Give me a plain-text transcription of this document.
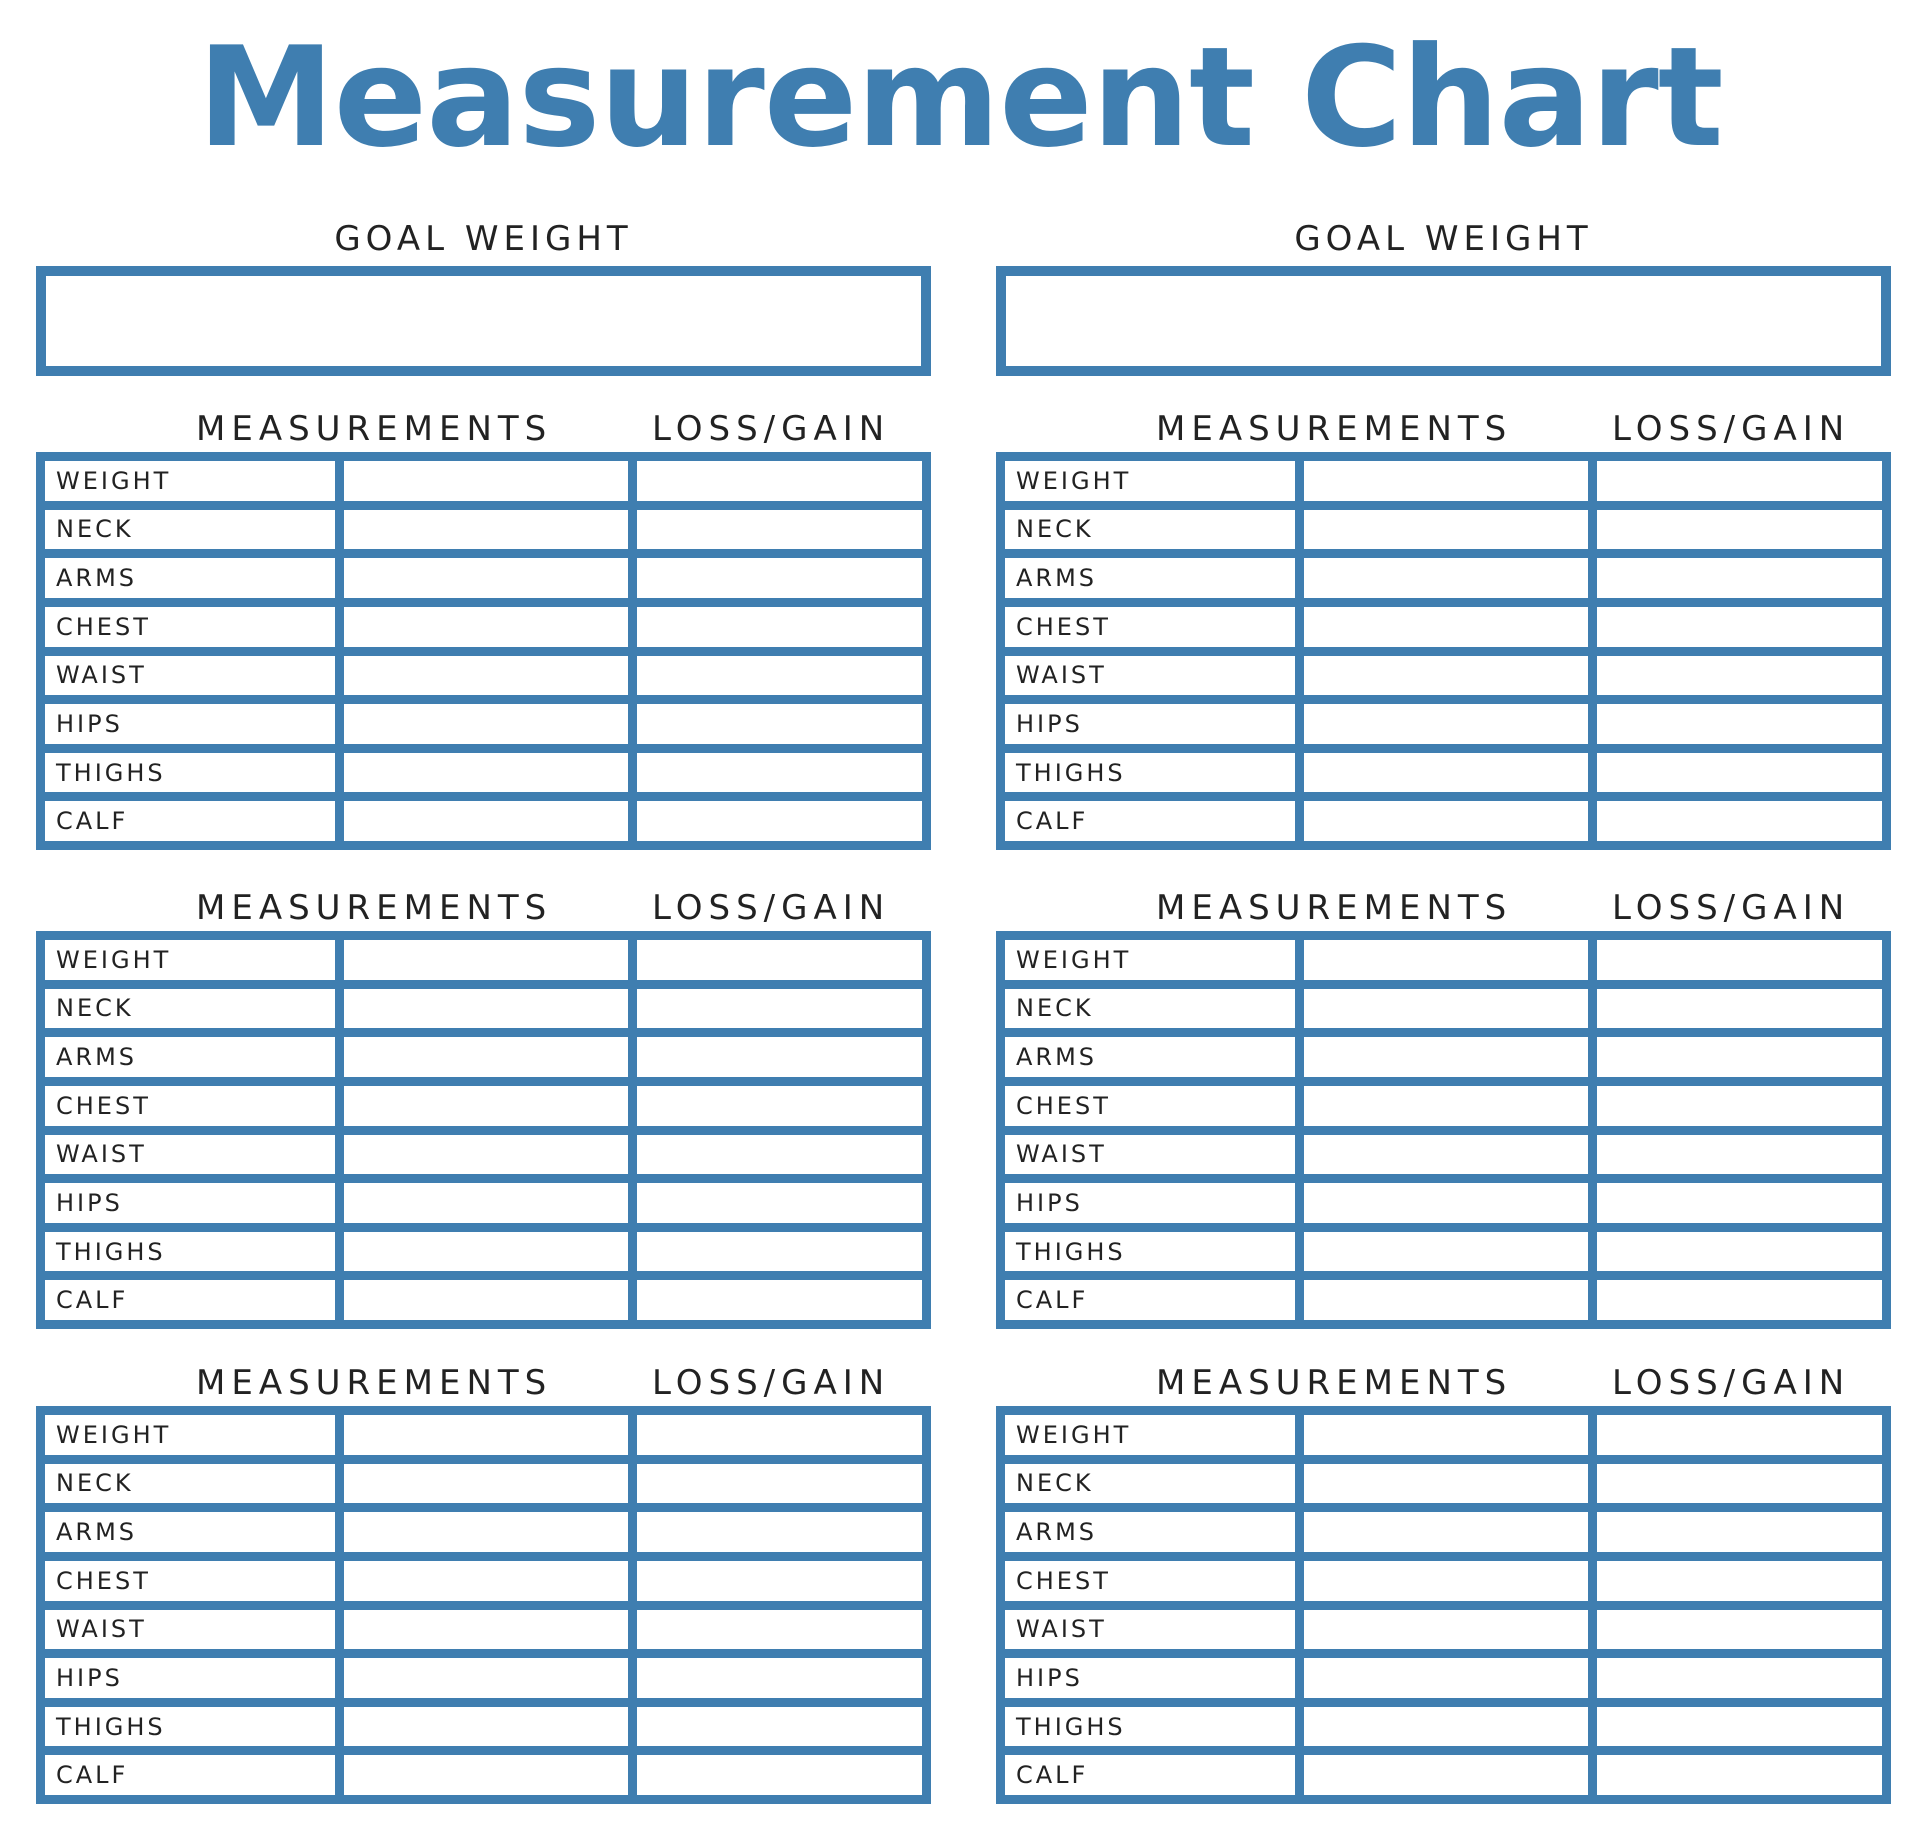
Measurement Chart
GOAL WEIGHT
MEASUREMENTS	LOSS/GAIN
WEIGHT
NECK
ARMS
CHEST
WAIST
HIPS
THIGHS
CALF
MEASUREMENTS	LOSS/GAIN
WEIGHT
NECK
ARMS
CHEST
WAIST
HIPS
THIGHS
CALF
MEASUREMENTS	LOSS/GAIN
WEIGHT
NECK
ARMS
CHEST
WAIST
HIPS
THIGHS
CALF
GOAL WEIGHT
MEASUREMENTS	LOSS/GAIN
WEIGHT
NECK
ARMS
CHEST
WAIST
HIPS
THIGHS
CALF
MEASUREMENTS	LOSS/GAIN
WEIGHT
NECK
ARMS
CHEST
WAIST
HIPS
THIGHS
CALF
MEASUREMENTS	LOSS/GAIN
WEIGHT
NECK
ARMS
CHEST
WAIST
HIPS
THIGHS
CALF
